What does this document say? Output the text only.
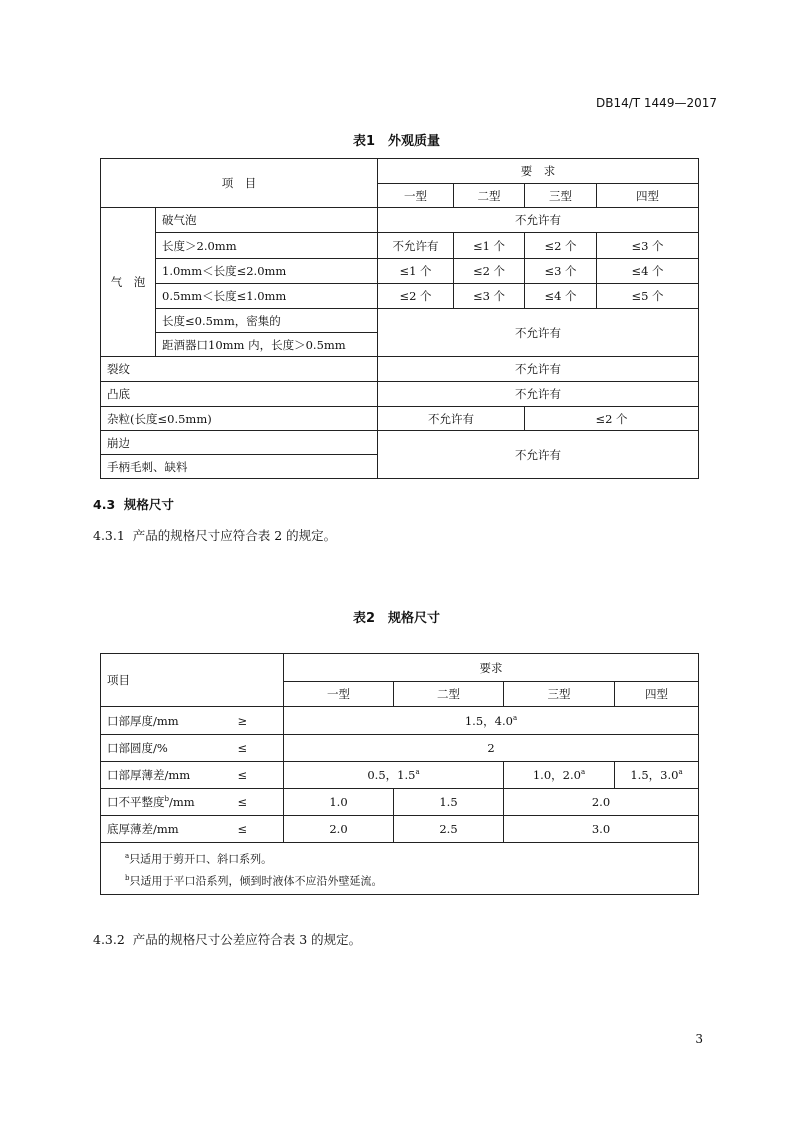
DB14/T 1449—2017
表1　外观质量
项　目		要　求			
		一型	二型	三型	四型
气　泡	破气泡	不允许有			
	长度＞2.0mm	不允许有	≤1 个	≤2 个	≤3 个
	1.0mm＜长度≤2.0mm	≤1 个	≤2 个	≤3 个	≤4 个
	0.5mm＜长度≤1.0mm	≤2 个	≤3 个	≤4 个	≤5 个
	长度≤0.5mm，密集的	不允许有			
	距酒器口10mm 内，长度＞0.5mm				
裂纹		不允许有			
凸底		不允许有			
杂粒(长度≤0.5mm)		不允许有		≤2 个	
崩边		不允许有			
手柄毛刺、缺料					
4.3 规格尺寸
4.3.1 产品的规格尺寸应符合表 2 的规定。
表2　规格尺寸
项目		要求			
		一型	二型	三型	四型
口部厚度/mm	≥	1.5，4.0$^a$
口部圆度/%	≤	2			
口部厚薄差/mm	≤	0.5，1.5$^a$		1.0，2.0$^a$	1.5，3.0$^a$
口不平整度$^b$/mm	≤	1.0	1.5	2.0	
底厚薄差/mm	≤	2.0	2.5	3.0	

$^a$只适用于剪开口、斜口系列。
$^b$只适用于平口沿系列，倾到时液体不应沿外壁延流。					
4.3.2 产品的规格尺寸公差应符合表 3 的规定。
3
